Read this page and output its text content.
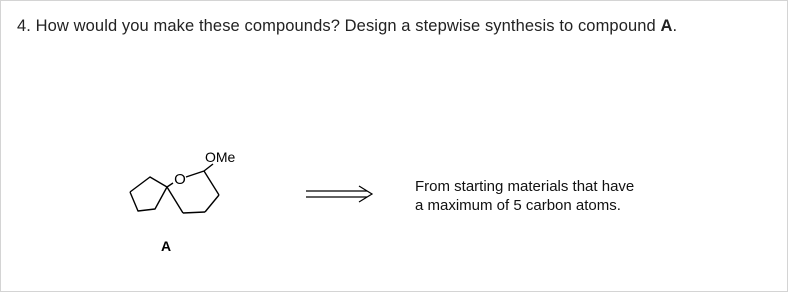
4. How would you make these compounds? Design a stepwise synthesis to compound A.
O
OMe
A
From starting materials that have
a maximum of 5 carbon atoms.
